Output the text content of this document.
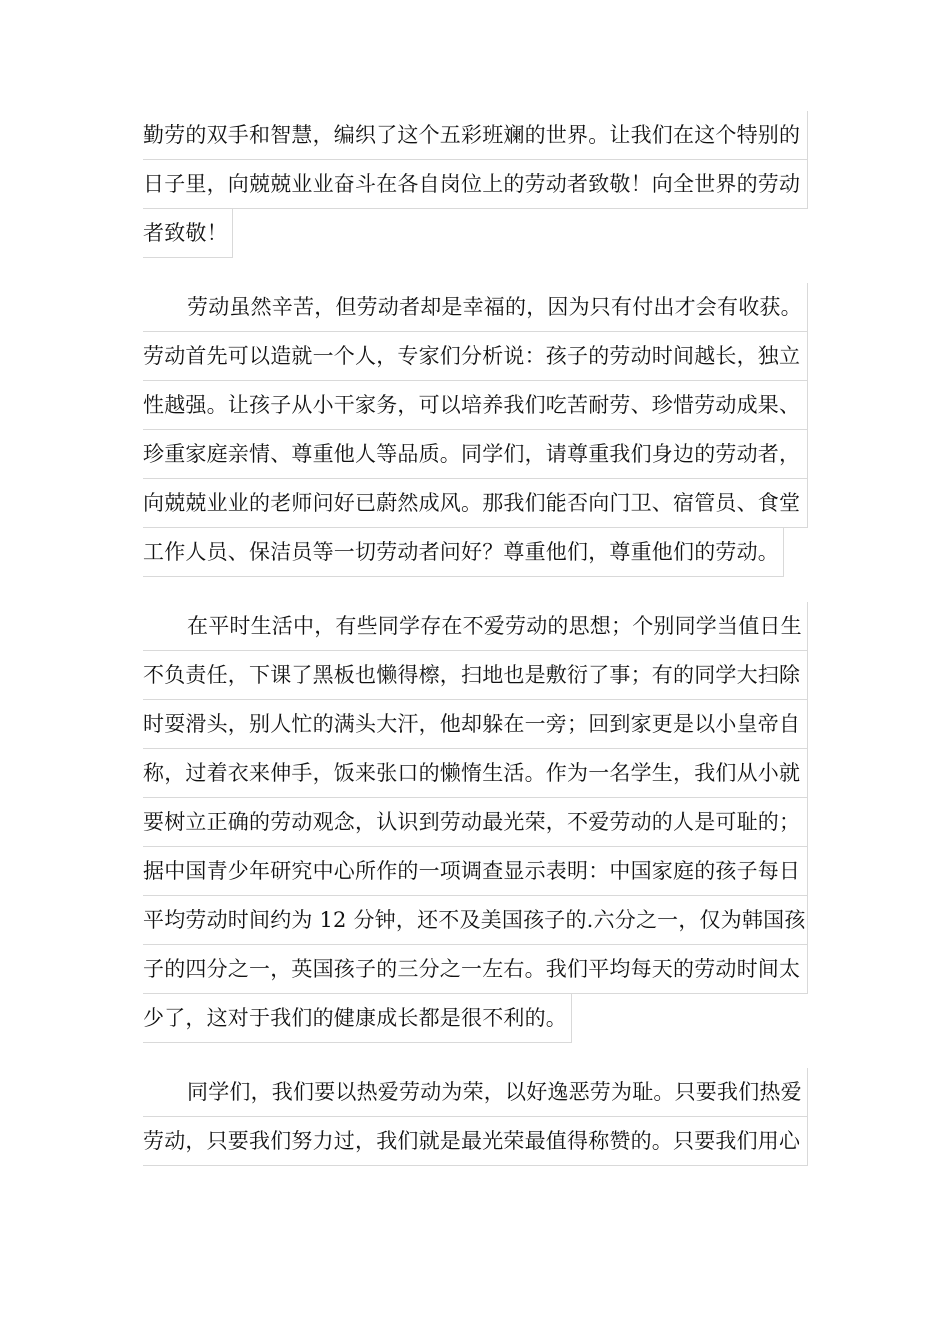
勤劳的双手和智慧，编织了这个五彩班斓的世界。让我们在这个特别的
日子里，向兢兢业业奋斗在各自岗位上的劳动者致敬！向全世界的劳动
者致敬！
劳动虽然辛苦，但劳动者却是幸福的，因为只有付出才会有收获。
劳动首先可以造就一个人，专家们分析说：孩子的劳动时间越长，独立
性越强。让孩子从小干家务，可以培养我们吃苦耐劳、珍惜劳动成果、
珍重家庭亲情、尊重他人等品质。同学们，请尊重我们身边的劳动者，
向兢兢业业的老师问好已蔚然成风。那我们能否向门卫、宿管员、食堂
工作人员、保洁员等一切劳动者问好？尊重他们，尊重他们的劳动。
在平时生活中，有些同学存在不爱劳动的思想；个别同学当值日生
不负责任，下课了黑板也懒得檫，扫地也是敷衍了事；有的同学大扫除
时耍滑头，别人忙的满头大汗，他却躲在一旁；回到家更是以小皇帝自
称，过着衣来伸手，饭来张口的懒惰生活。作为一名学生，我们从小就
要树立正确的劳动观念，认识到劳动最光荣，不爱劳动的人是可耻的；
据中国青少年研究中心所作的一项调查显示表明：中国家庭的孩子每日
平均劳动时间约为 12 分钟，还不及美国孩子的.六分之一，仅为韩国孩
子的四分之一，英国孩子的三分之一左右。我们平均每天的劳动时间太
少了，这对于我们的健康成长都是很不利的。
同学们，我们要以热爱劳动为荣，以好逸恶劳为耻。只要我们热爱
劳动，只要我们努力过，我们就是最光荣最值得称赞的。只要我们用心
